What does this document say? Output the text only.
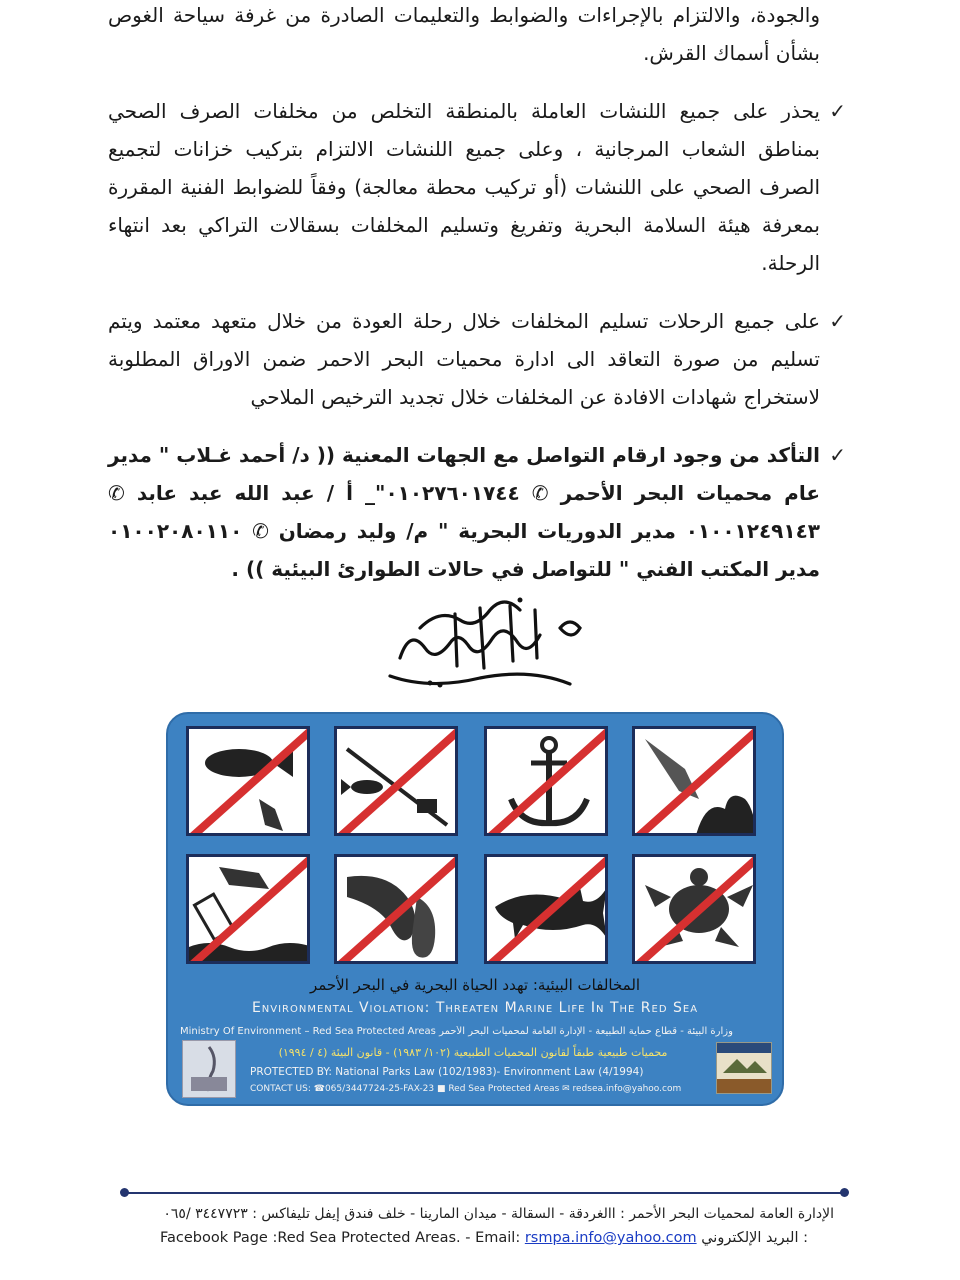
والجودة، والالتزام بالإجراءات والضوابط والتعليمات الصادرة من غرفة سياحة الغوص بشأن أسماك القرش.
✓
يحذر على جميع اللنشات العاملة بالمنطقة التخلص من مخلفات الصرف الصحي بمناطق الشعاب المرجانية ، وعلى جميع اللنشات الالتزام بتركيب خزانات لتجميع الصرف الصحي على اللنشات (أو تركيب محطة معالجة) وفقاً للضوابط الفنية المقررة بمعرفة هيئة السلامة البحرية وتفريغ وتسليم المخلفات بسقالات التراكي بعد انتهاء الرحلة.
✓
على جميع الرحلات تسليم المخلفات خلال رحلة العودة من خلال متعهد معتمد ويتم تسليم من صورة التعاقد الى ادارة محميات البحر الاحمر ضمن الاوراق المطلوبة لاستخراج شهادات الافادة عن المخلفات خلال تجديد الترخيص الملاحي
✓
التأكد من وجود ارقام التواصل مع الجهات المعنية (( د/ أحمد غـلاب " مدير عام محميات البحر الأحمر ✆ ٠١٠٢٧٦٠١٧٤٤"_ أ / عبد الله عبد عابد ✆ ٠١٠٠١٢٤٩١٤٣ مدير الدوريات البحرية " م/ وليد رمضان ✆ ٠١٠٠٢٠٨٠١١٠ مدير المكتب الفني " للتواصل في حالات الطوارئ البيئية )) .
المخالفات البيئية: تهدد الحياة البحرية في البحر الأحمر
Environmental Violation: Threaten Marine Life In The Red Sea
Ministry Of Environment – Red Sea Protected Areas وزارة البيئة - قطاع حماية الطبيعة - الإدارة العامة لمحميات البحر الأحمر
محميات طبيعية طبقاً لقانون المحميات الطبيعية (١٠٢/ ١٩٨٣) - قانون البيئة (٤ / ١٩٩٤)
PROTECTED BY: National Parks Law (102/1983)- Environment Law (4/1994)
CONTACT US: ☎065/3447724-25-FAX-23 ■ Red Sea Protected Areas ✉ redsea.info@yahoo.com
الإدارة العامة لمحميات البحر الأحمر : االغردقة - السقالة - ميدان المارينا - خلف فندق إيفل تليفاكس : ٣٤٤٧٧٢٣ /٠٦٥
Facebook Page :Red Sea Protected Areas. - Email: rsmpa.info@yahoo.com البريد الإلكتروني :
